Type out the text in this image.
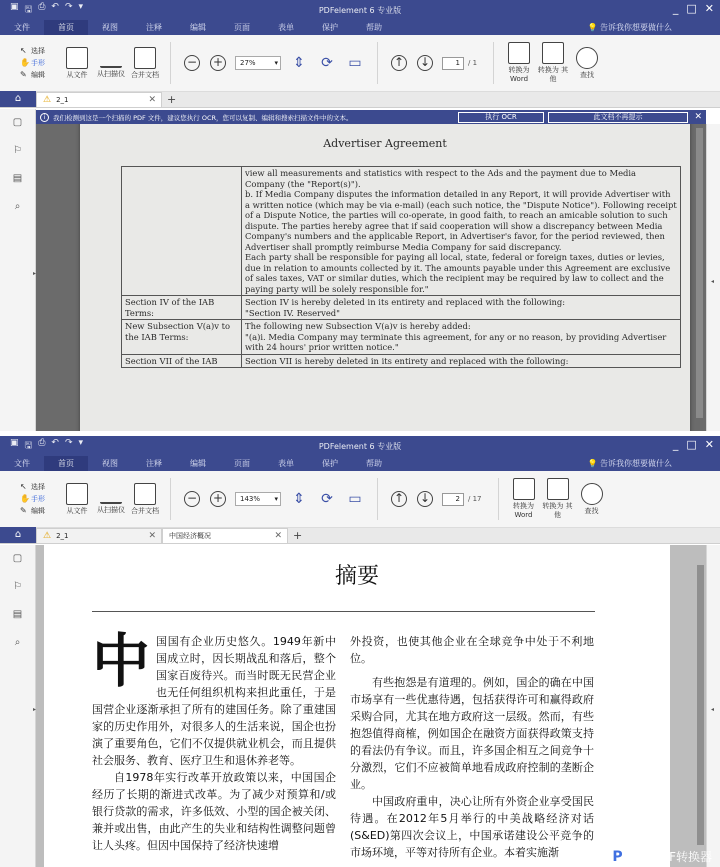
▣ 🖫 ⎙ ↶ ↷ ▾	PDFelement 6 专业版	_ □ ✕
文件	首页	视图	注释	编辑	页面	表单	保护	帮助	💡 告诉我你想要做什么
↖ 选择
✋ 手形
✎ 编辑	从文件 从扫描仪 合并文档
− +	27% ▾	⇕ ⟳ ▭	↑ ↓	1	/ 1
转换为 Word
转换为 其他
查找
⌂	⚠ 2_1	✕	+
▢
⚐
▤
⌕
▸
i	我们检测到这是一个扫描的 PDF 文件，建议您执行 OCR，您可以复制、编辑和搜索扫描文件中的文本。	执行 OCR	此文档不再提示	✕
Advertiser Agreement
	view all measurements and statistics with respect to the Ads and the payment due to Media Company (the "Report(s)").
b. If Media Company disputes the information detailed in any Report, it will provide Advertiser with a written notice (which may be via e-mail) (each such notice, the "Dispute Notice"). Following receipt of a Dispute Notice, the parties will co-operate, in good faith, to reach an amicable solution to such dispute. The parties hereby agree that if said cooperation will show a discrepancy between Media Company's numbers and the applicable Report, in Advertiser's favor, for the period reviewed, then Advertiser shall promptly reimburse Media Company for said discrepancy.
Each party shall be responsible for paying all local, state, federal or foreign taxes, duties or levies, due in relation to amounts collected by it. The amounts payable under this Agreement are exclusive of sales taxes, VAT or similar duties, which the recipient may be required by law to collect and the paying party will be solely responsible for."
Section IV of the IAB Terms:	Section IV is hereby deleted in its entirety and replaced with the following:
"Section IV. Reserved"
New Subsection V(a)v to the IAB Terms:	The following new Subsection V(a)v is hereby added:
"(a)i. Media Company may terminate this agreement, for any or no reason, by providing Advertiser with 24 hours' prior written notice."
Section VII of the IAB	Section VII is hereby deleted in its entirety and replaced with the following:
◂
▣ 🖫 ⎙ ↶ ↷ ▾	PDFelement 6 专业版	_ □ ✕
文件	首页	视图	注释	编辑	页面	表单	保护	帮助	💡 告诉我你想要做什么
↖ 选择
✋ 手形
✎ 编辑	从文件 从扫描仪 合并文档
− +	143% ▾	⇕ ⟳ ▭	↑ ↓	2	/ 17
转换为 Word
转换为 其他
查找
⌂	⚠ 2_1	✕ 中国经济概况	✕	+
▢
⚐
▤
⌕
▸
摘要
中 国国有企业历史悠久。1949年新中国成立时，因长期战乱和落后，整个国家百废待兴。而当时既无民营企业也无任何组织机构来担此重任，于是国营企业逐渐承担了所有的建国任务。除了重建国家的历史作用外，对很多人的生活来说，国企也扮演了重要角色，它们不仅提供就业机会，而且提供社会服务、教育、医疗卫生和退休养老等。

自1978年实行改革开放政策以来，中国国企经历了长期的渐进式改革。为了减少对预算和/或银行贷款的需求，许多低效、小型的国企被关闭、兼并或出售，由此产生的失业和结构性调整问题曾让人头疼。但因中国保持了经济快速增

外投资，也使其他企业在全球竞争中处于不利地位。

有些抱怨是有道理的。例如，国企的确在中国市场享有一些优惠待遇，包括获得许可和赢得政府采购合同，尤其在地方政府这一层级。然而，有些抱怨值得商榷，例如国企在融资方面获得政策支持的看法仍有争议。而且，许多国企相互之间竞争十分激烈，它们不应被简单地看成政府控制的垄断企业。

中国政府重申，决心让所有外资企业享受国民待遇。在2012年5月举行的中美战略经济对话(S&ED)第四次会议上，中国承诺建设公平竞争的市场环境，平等对待所有企业。本着实施渐

◂
P 烁光PDF转换器
